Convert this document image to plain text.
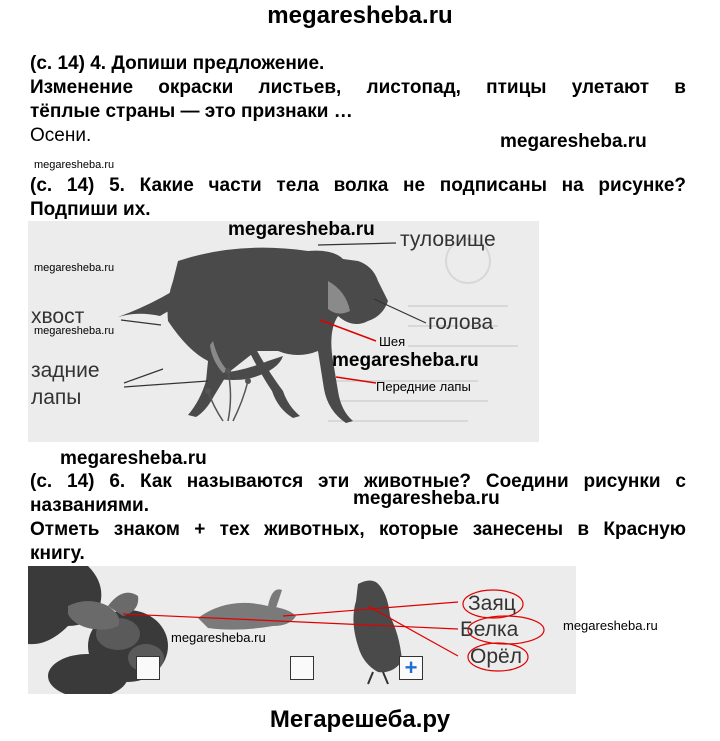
megaresheba.ru
(с. 14) 4. Допиши предложение.
Изменение окраски листьев, листопад, птицы улетают в
тёплые страны — это признаки …
Осени.	megaresheba.ru
megaresheba.ru
(с. 14) 5. Какие части тела волка не подписаны на рисунке?
Подпиши их.
туловище
хвост	голова
задние
лапы
Шея
Передние лапы
megaresheba.ru
megaresheba.ru
megaresheba.ru
megaresheba.ru
megaresheba.ru
(с. 14) 6. Как называются эти животные? Соедини рисунки с
названиями.	megaresheba.ru
Отметь знаком + тех животных, которые занесены в Красную
книгу.
Заяц
Белка
Орёл
+
megaresheba.ru
megaresheba.ru
Мегарешеба.ру
